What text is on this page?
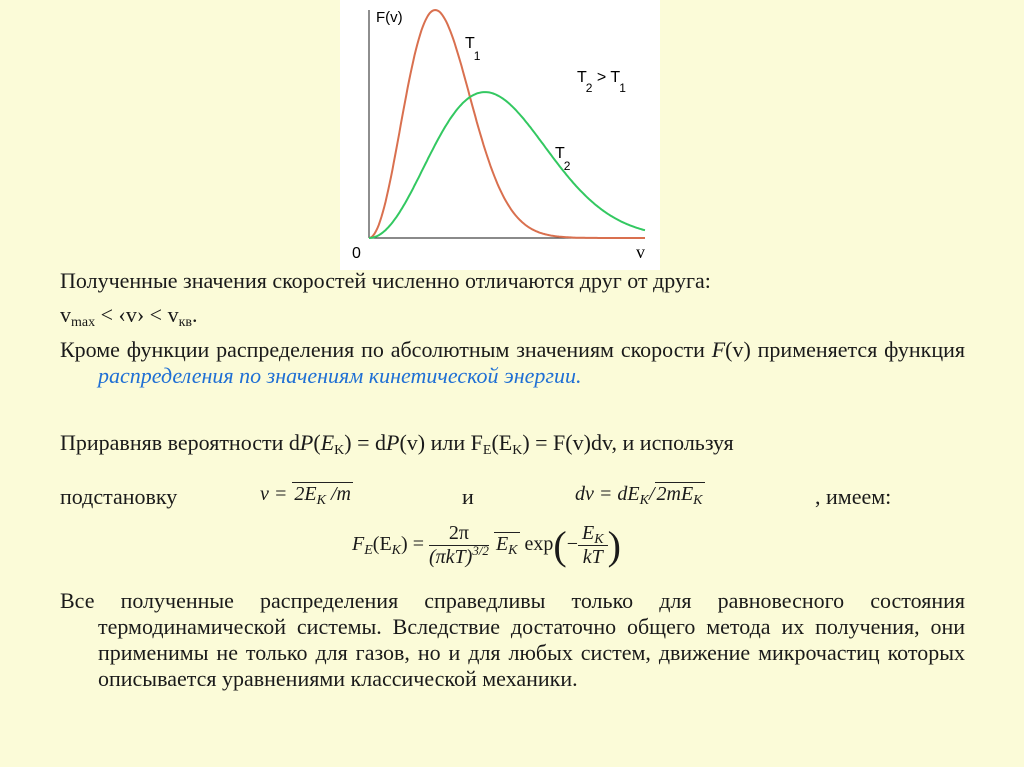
F(v)
0	v
T1
T2
T2 > T1
Полученные значения скоростей численно отличаются друг от друга:
$v_{max}$ < ‹v› < $v_{кв}$.
Кроме функции распределения по абсолютным значениям скорости F(v) применяется функция распределения по значениям кинетической энергии.
Приравняв вероятности $dP(E_K) = dP(v)$ или $F_E(E_K) = F(v)dv$, и используя
подстановку	и	, имеем:
$v = 2E_K$ /m	dv = $dE_K/$ $2mE_K$
$F_E(E_K) = \frac{2\pi}{(\pi kT)^{3/2}} E_K$ $\exp(- \frac{E_K}{kT}$ )
Все полученные распределения справедливы только для равновесного состояния термодинамической системы. Вследствие достаточно общего метода их получения, они применимы не только для газов, но и для любых систем, движение микрочастиц которых описывается уравнениями классической механики.
